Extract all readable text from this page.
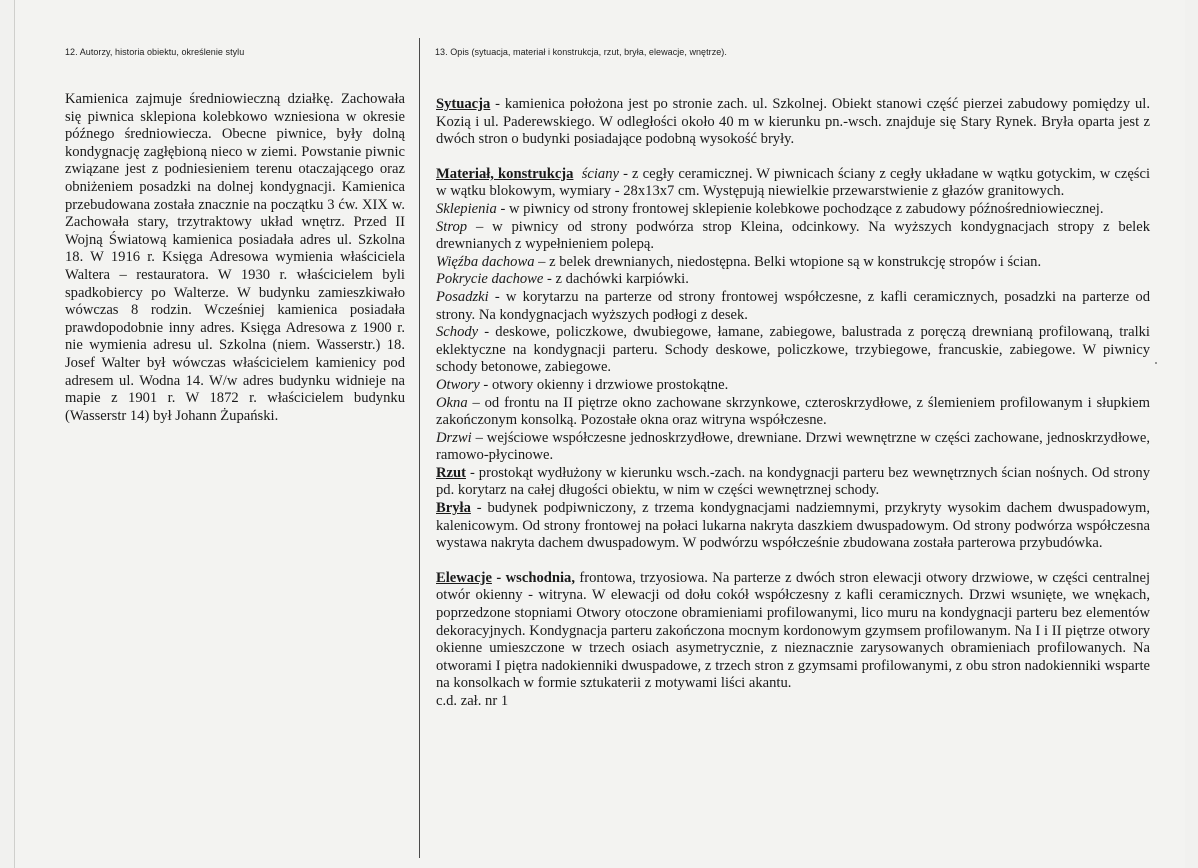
12. Autorzy, historia obiektu, określenie stylu	13. Opis (sytuacja, materiał i konstrukcja, rzut, bryła, elewacje, wnętrze).
Kamienica zajmuje średniowieczną działkę. Zachowała się piwnica sklepiona kolebkowo wzniesiona w okresie późnego średniowiecza. Obecne piwnice, były dolną kondygnację zagłębioną nieco w ziemi. Powstanie piwnic związane jest z podniesieniem terenu otaczającego oraz obniżeniem posadzki na dolnej kondygnacji. Kamienica przebudowana została znacznie na początku 3 ćw. XIX w. Zachowała stary, trzytraktowy układ wnętrz. Przed II Wojną Światową kamienica posiadała adres ul. Szkolna 18. W 1916 r. Księga Adresowa wymienia właściciela Waltera – restauratora. W 1930 r. właścicielem byli spadkobiercy po Walterze. W budynku zamieszkiwało wówczas 8 rodzin. Wcześniej kamienica posiadała prawdopodobnie inny adres. Księga Adresowa z 1900 r. nie wymienia adresu ul. Szkolna (niem. Wasserstr.) 18. Josef Walter był wówczas właścicielem kamienicy pod adresem ul. Wodna 14. W/w adres budynku widnieje na mapie z 1901 r. W 1872 r. właścicielem budynku (Wasserstr 14) był Johann Żupański.

Sytuacja - kamienica położona jest po stronie zach. ul. Szkolnej. Obiekt stanowi część pierzei zabudowy pomiędzy ul. Kozią i ul. Paderewskiego. W odległości około 40 m w kierunku pn.-wsch. znajduje się Stary Rynek. Bryła oparta jest z dwóch stron o budynki posiadające podobną wysokość bryły.

Materiał, konstrukcja ściany - z cegły ceramicznej. W piwnicach ściany z cegły układane w wątku gotyckim, w części w wątku blokowym, wymiary - 28x13x7 cm. Występują niewielkie przewarstwienie z głazów granitowych.

Sklepienia - w piwnicy od strony frontowej sklepienie kolebkowe pochodzące z zabudowy późnośredniowiecznej.

Strop – w piwnicy od strony podwórza strop Kleina, odcinkowy. Na wyższych kondygnacjach stropy z belek drewnianych z wypełnieniem polepą.

Więźba dachowa – z belek drewnianych, niedostępna. Belki wtopione są w konstrukcję stropów i ścian.

Pokrycie dachowe - z dachówki karpiówki.

Posadzki - w korytarzu na parterze od strony frontowej współczesne, z kafli ceramicznych, posadzki na parterze od strony. Na kondygnacjach wyższych podłogi z desek.

Schody - deskowe, policzkowe, dwubiegowe, łamane, zabiegowe, balustrada z poręczą drewnianą profilowaną, tralki eklektyczne na kondygnacji parteru. Schody deskowe, policzkowe, trzybiegowe, francuskie, zabiegowe. W piwnicy schody betonowe, zabiegowe.

Otwory - otwory okienny i drzwiowe prostokątne.

Okna – od frontu na II piętrze okno zachowane skrzynkowe, czteroskrzydłowe, z ślemieniem profilowanym i słupkiem zakończonym konsolką. Pozostałe okna oraz witryna współczesne.

Drzwi – wejściowe współczesne jednoskrzydłowe, drewniane. Drzwi wewnętrzne w części zachowane, jednoskrzydłowe, ramowo-płycinowe.

Rzut - prostokąt wydłużony w kierunku wsch.-zach. na kondygnacji parteru bez wewnętrznych ścian nośnych. Od strony pd. korytarz na całej długości obiektu, w nim w części wewnętrznej schody.

Bryła - budynek podpiwniczony, z trzema kondygnacjami nadziemnymi, przykryty wysokim dachem dwuspadowym, kalenicowym. Od strony frontowej na połaci lukarna nakryta daszkiem dwuspadowym. Od strony podwórza współczesna wystawa nakryta dachem dwuspadowym. W podwórzu współcześnie zbudowana została parterowa przybudówka.

Elewacje - wschodnia, frontowa, trzyosiowa. Na parterze z dwóch stron elewacji otwory drzwiowe, w części centralnej otwór okienny - witryna. W elewacji od dołu cokół współczesny z kafli ceramicznych. Drzwi wsunięte, we wnękach, poprzedzone stopniami Otwory otoczone obramieniami profilowanymi, lico muru na kondygnacji parteru bez elementów dekoracyjnych. Kondygnacja parteru zakończona mocnym kordonowym gzymsem profilowanym. Na I i II piętrze otwory okienne umieszczone w trzech osiach asymetrycznie, z nieznacznie zarysowanych obramieniach profilowanych. Na otworami I piętra nadokienniki dwuspadowe, z trzech stron z gzymsami profilowanymi, z obu stron nadokienniki wsparte na konsolkach w formie sztukaterii z motywami liści akantu.

c.d. zał. nr 1
